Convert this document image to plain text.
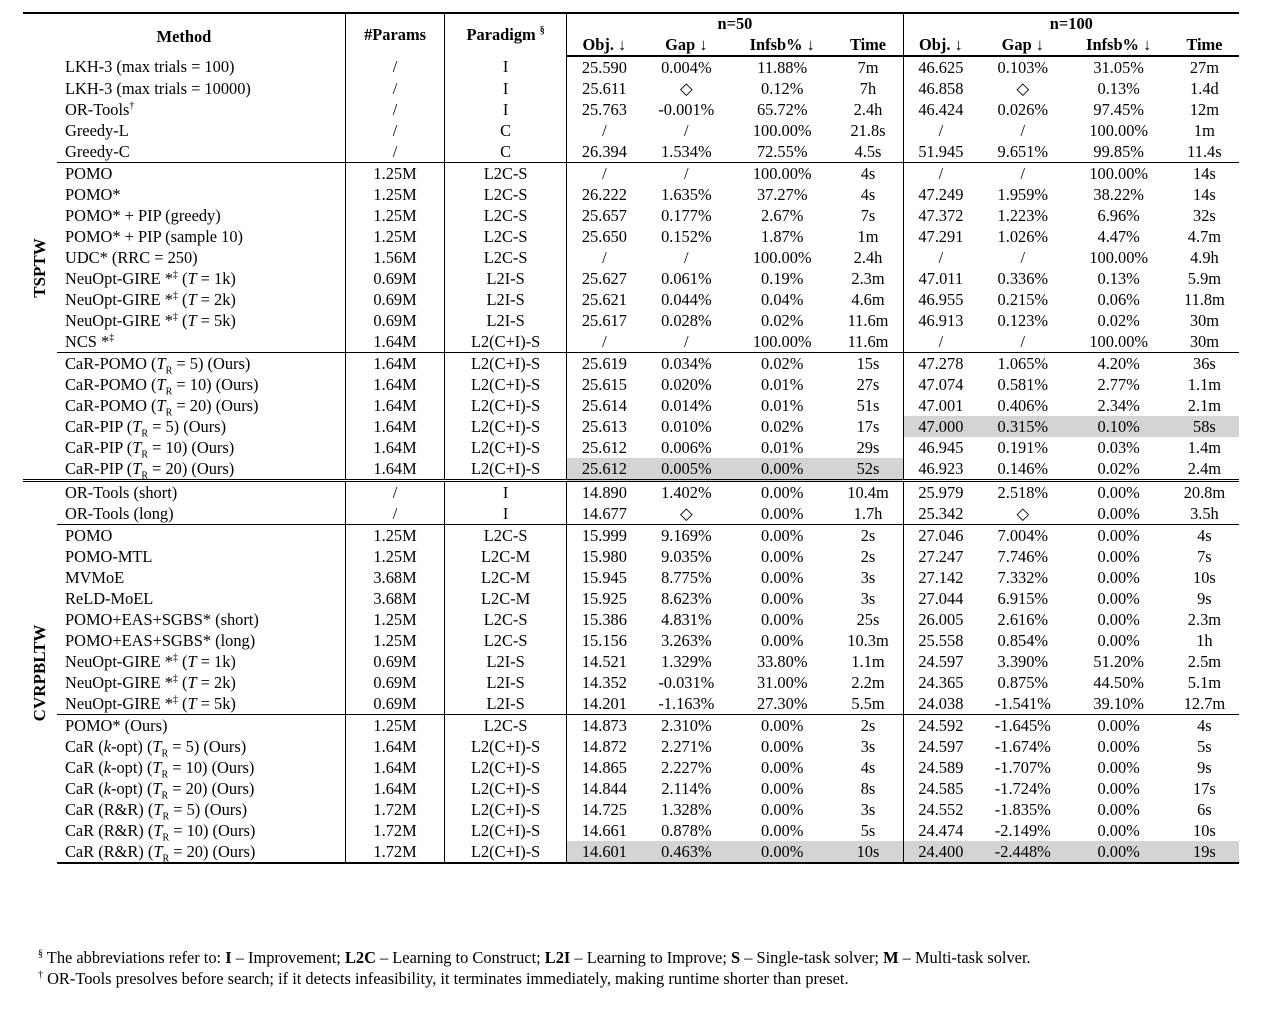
Method		#Params	Paradigm §	n=50				n=100			
				Obj. ↓	Gap ↓	Infsb% ↓	Time	Obj. ↓	Gap ↓	Infsb% ↓	Time

TSPTW	LKH-3 (max trials = 100)	/	I	25.590	0.004%	11.88%	7m	46.625	0.103%	31.05%	27m
	LKH-3 (max trials = 10000)	/	I	25.611	◇	0.12%	7h	46.858	◇	0.13%	1.4d
	OR-Tools†	/	I	25.763	-0.001%	65.72%	2.4h	46.424	0.026%	97.45%	12m
	Greedy-L	/	C	/	/	100.00%	21.8s	/	/	100.00%	1m
	Greedy-C	/	C	26.394	1.534%	72.55%	4.5s	51.945	9.651%	99.85%	11.4s
	POMO	1.25M	L2C-S	/	/	100.00%	4s	/	/	100.00%	14s
	POMO*	1.25M	L2C-S	26.222	1.635%	37.27%	4s	47.249	1.959%	38.22%	14s
	POMO* + PIP (greedy)	1.25M	L2C-S	25.657	0.177%	2.67%	7s	47.372	1.223%	6.96%	32s
	POMO* + PIP (sample 10)	1.25M	L2C-S	25.650	0.152%	1.87%	1m	47.291	1.026%	4.47%	4.7m
	UDC* (RRC = 250)	1.56M	L2C-S	/	/	100.00%	2.4h	/	/	100.00%	4.9h
	NeuOpt-GIRE *‡ (T = 1k)	0.69M	L2I-S	25.627	0.061%	0.19%	2.3m	47.011	0.336%	0.13%	5.9m
	NeuOpt-GIRE *‡ (T = 2k)	0.69M	L2I-S	25.621	0.044%	0.04%	4.6m	46.955	0.215%	0.06%	11.8m
	NeuOpt-GIRE *‡ (T = 5k)	0.69M	L2I-S	25.617	0.028%	0.02%	11.6m	46.913	0.123%	0.02%	30m
	NCS *‡	1.64M	L2(C+I)-S	/	/	100.00%	11.6m	/	/	100.00%	30m
	CaR-POMO $(T_R = 5)$ (Ours)	1.64M	L2(C+I)-S	25.619	0.034%	0.02%	15s	47.278	1.065%	4.20%	36s
	CaR-POMO $(T_R = 10)$ (Ours)	1.64M	L2(C+I)-S	25.615	0.020%	0.01%	27s	47.074	0.581%	2.77%	1.1m
	CaR-POMO $(T_R = 20)$ (Ours)	1.64M	L2(C+I)-S	25.614	0.014%	0.01%	51s	47.001	0.406%	2.34%	2.1m
	CaR-PIP $(T_R = 5)$ (Ours)	1.64M	L2(C+I)-S	25.613	0.010%	0.02%	17s	47.000	0.315%	0.10%	58s
	CaR-PIP $(T_R = 10)$ (Ours)	1.64M	L2(C+I)-S	25.612	0.006%	0.01%	29s	46.945	0.191%	0.03%	1.4m
	CaR-PIP $(T_R = 20)$ (Ours)	1.64M	L2(C+I)-S	25.612	0.005%	0.00%	52s	46.923	0.146%	0.02%	2.4m

CVRPBLTW	OR-Tools (short)	/	I	14.890	1.402%	0.00%	10.4m	25.979	2.518%	0.00%	20.8m
	OR-Tools (long)	/	I	14.677	◇	0.00%	1.7h	25.342	◇	0.00%	3.5h
	POMO	1.25M	L2C-S	15.999	9.169%	0.00%	2s	27.046	7.004%	0.00%	4s
	POMO-MTL	1.25M	L2C-M	15.980	9.035%	0.00%	2s	27.247	7.746%	0.00%	7s
	MVMoE	3.68M	L2C-M	15.945	8.775%	0.00%	3s	27.142	7.332%	0.00%	10s
	ReLD-MoEL	3.68M	L2C-M	15.925	8.623%	0.00%	3s	27.044	6.915%	0.00%	9s
	POMO+EAS+SGBS* (short)	1.25M	L2C-S	15.386	4.831%	0.00%	25s	26.005	2.616%	0.00%	2.3m
	POMO+EAS+SGBS* (long)	1.25M	L2C-S	15.156	3.263%	0.00%	10.3m	25.558	0.854%	0.00%	1h
	NeuOpt-GIRE *‡ (T = 1k)	0.69M	L2I-S	14.521	1.329%	33.80%	1.1m	24.597	3.390%	51.20%	2.5m
	NeuOpt-GIRE *‡ (T = 2k)	0.69M	L2I-S	14.352	-0.031%	31.00%	2.2m	24.365	0.875%	44.50%	5.1m
	NeuOpt-GIRE *‡ (T = 5k)	0.69M	L2I-S	14.201	-1.163%	27.30%	5.5m	24.038	-1.541%	39.10%	12.7m
	POMO* (Ours)	1.25M	L2C-S	14.873	2.310%	0.00%	2s	24.592	-1.645%	0.00%	4s
	CaR (k-opt) $(T_R = 5)$ (Ours)	1.64M	L2(C+I)-S	14.872	2.271%	0.00%	3s	24.597	-1.674%	0.00%	5s
	CaR (k-opt) $(T_R = 10)$ (Ours)	1.64M	L2(C+I)-S	14.865	2.227%	0.00%	4s	24.589	-1.707%	0.00%	9s
	CaR (k-opt) $(T_R = 20)$ (Ours)	1.64M	L2(C+I)-S	14.844	2.114%	0.00%	8s	24.585	-1.724%	0.00%	17s
	CaR (R&R) $(T_R = 5)$ (Ours)	1.72M	L2(C+I)-S	14.725	1.328%	0.00%	3s	24.552	-1.835%	0.00%	6s
	CaR (R&R) $(T_R = 10)$ (Ours)	1.72M	L2(C+I)-S	14.661	0.878%	0.00%	5s	24.474	-2.149%	0.00%	10s
	CaR (R&R) $(T_R = 20)$ (Ours)	1.72M	L2(C+I)-S	14.601	0.463%	0.00%	10s	24.400	-2.448%	0.00%	19s
§ The abbreviations refer to: I – Improvement; L2C – Learning to Construct; L2I – Learning to Improve; S – Single-task solver; M – Multi-task solver.
† OR-Tools presolves before search; if it detects infeasibility, it terminates immediately, making runtime shorter than preset.
